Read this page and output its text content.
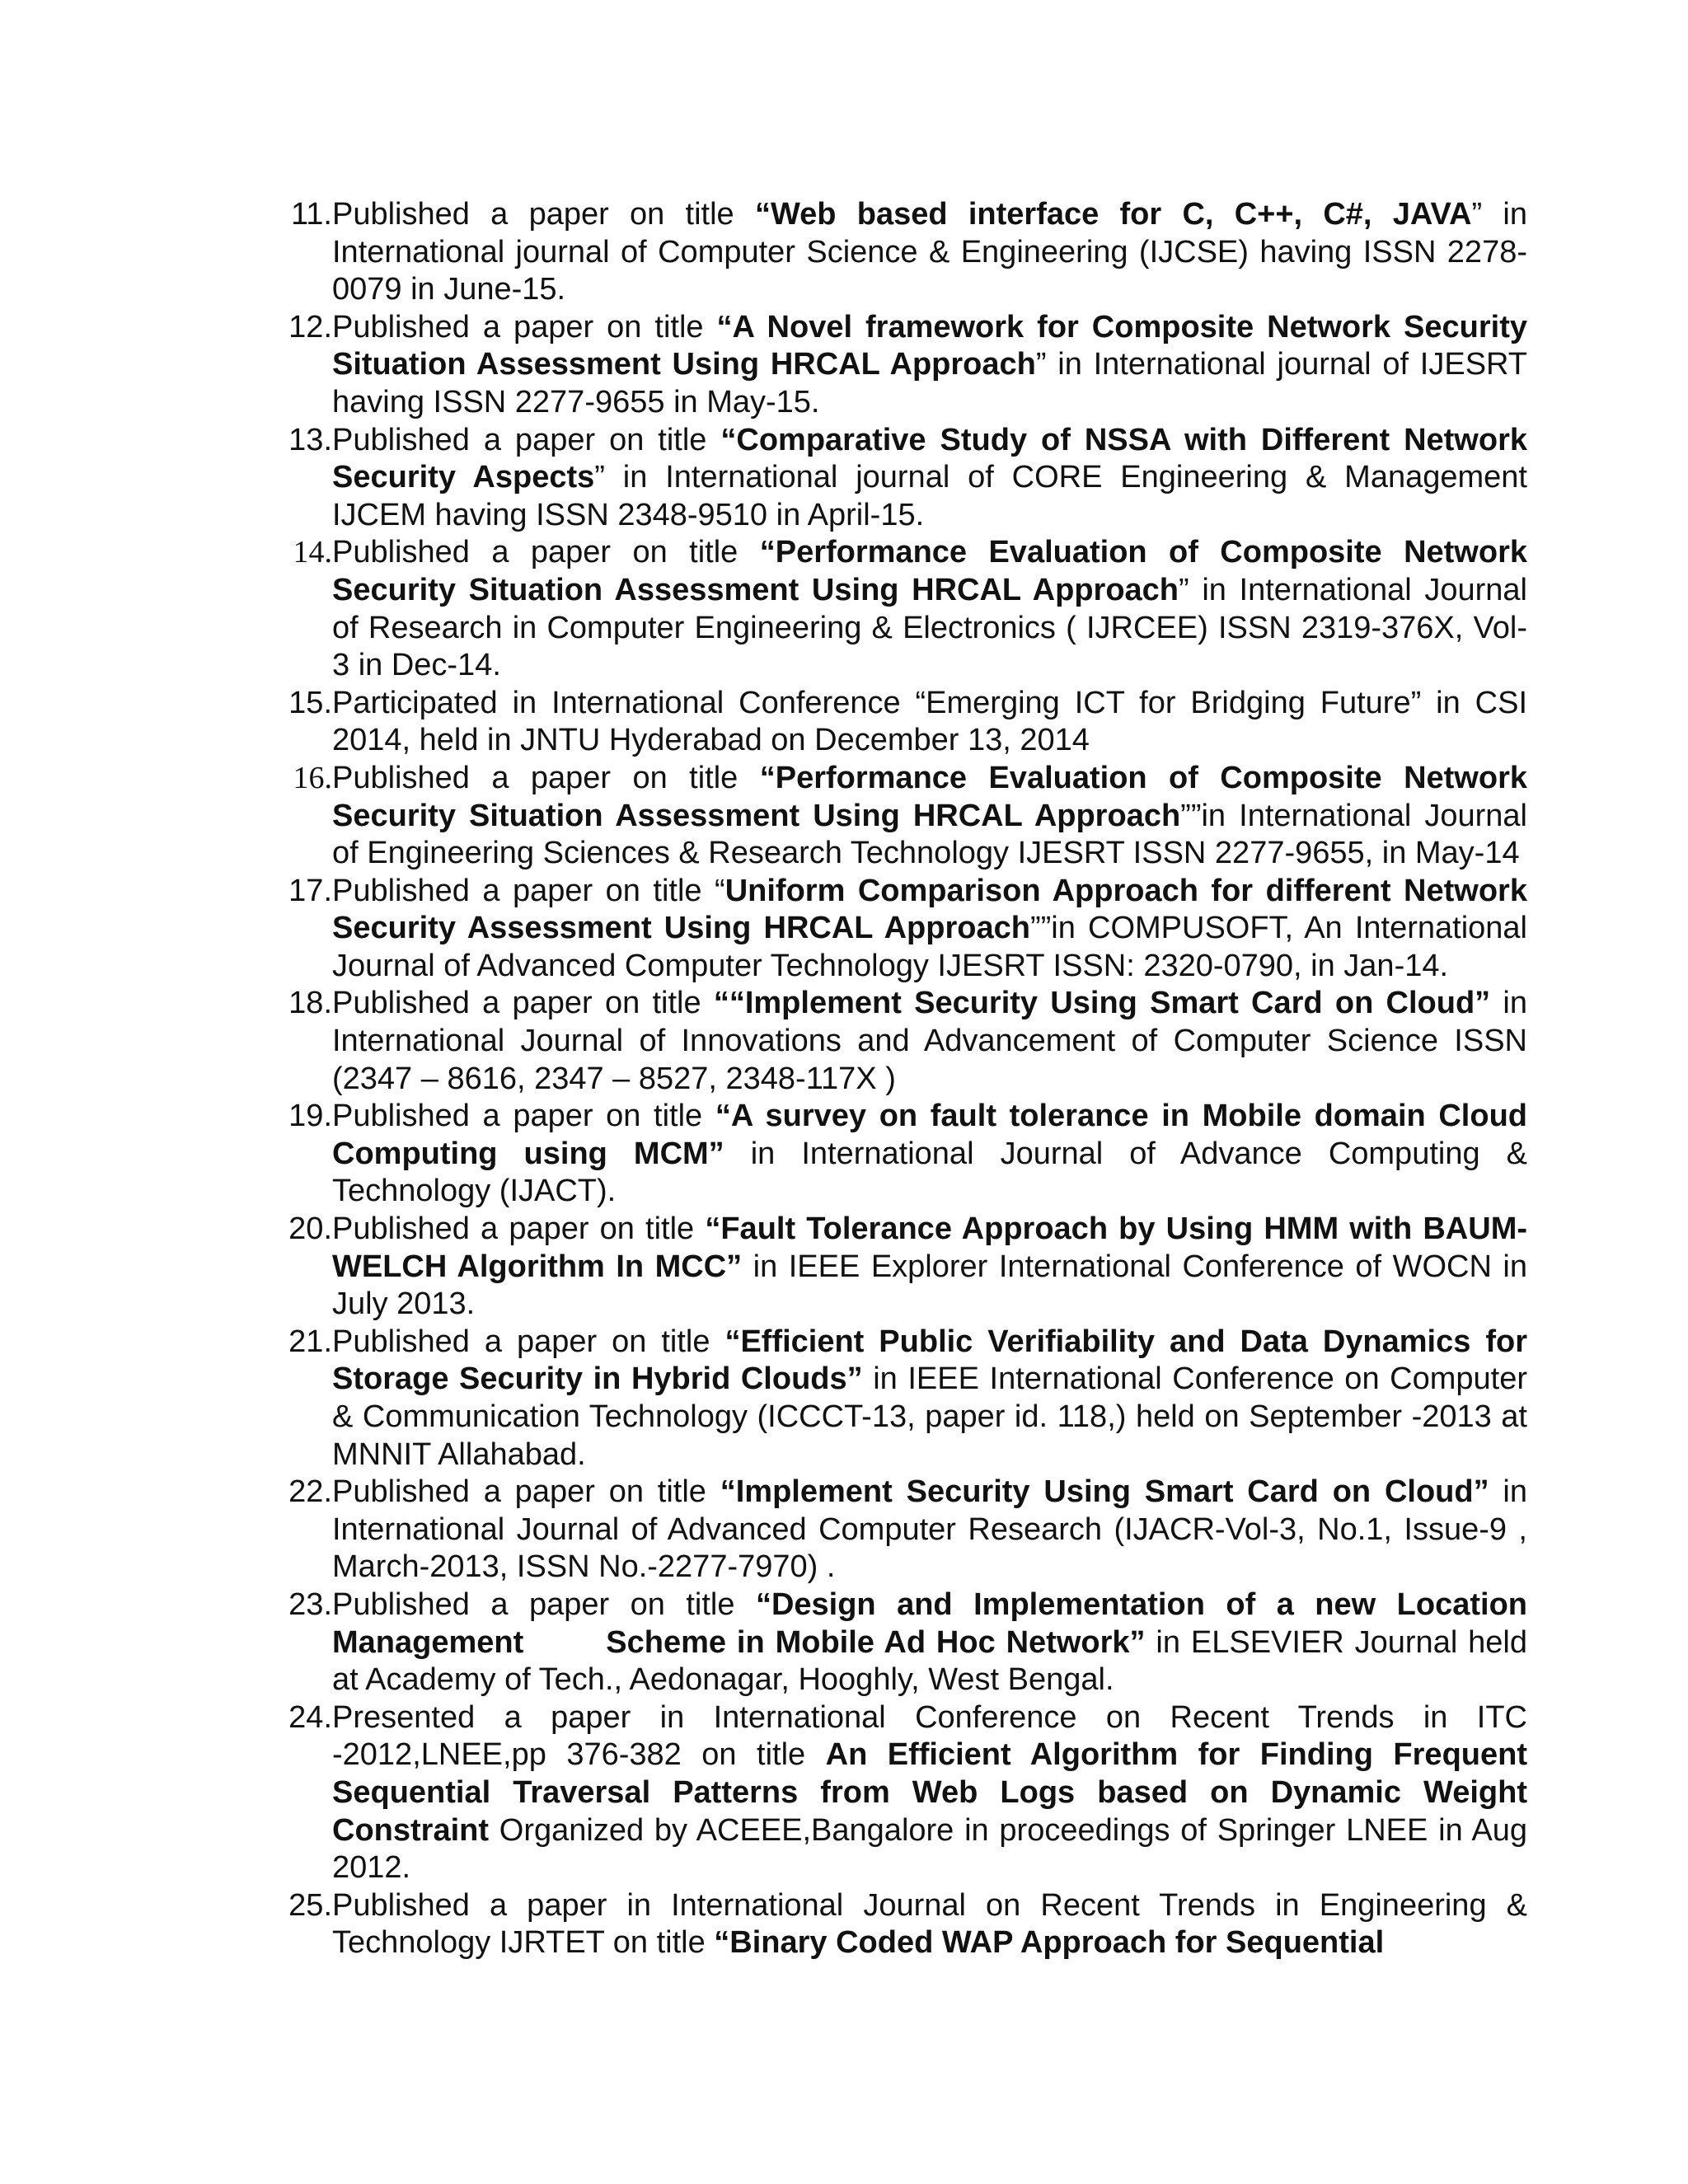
11. Published a paper on title “Web based interface for C, C++, C#, JAVA” in International journal of Computer Science & Engineering (IJCSE) having ISSN 2278-0079 in June-15.
12. Published a paper on title “A Novel framework for Composite Network Security Situation Assessment Using HRCAL Approach” in International journal of IJESRT having ISSN 2277-9655 in May-15.
13. Published a paper on title “Comparative Study of NSSA with Different Network Security Aspects” in International journal of CORE Engineering & Management IJCEM having ISSN 2348-9510 in April-15.
14. Published a paper on title “Performance Evaluation of Composite Network Security Situation Assessment Using HRCAL Approach” in International Journal of Research in Computer Engineering & Electronics ( IJRCEE) ISSN 2319-376X, Vol-3 in Dec-14.
15. Participated in International Conference “Emerging ICT for Bridging Future” in CSI 2014, held in JNTU Hyderabad on December 13, 2014
16. Published a paper on title “Performance Evaluation of Composite Network Security Situation Assessment Using HRCAL Approach””in International Journal of Engineering Sciences & Research Technology IJESRT ISSN 2277-9655, in May-14
17. Published a paper on title “Uniform Comparison Approach for different Network Security Assessment Using HRCAL Approach””in COMPUSOFT, An International Journal of Advanced Computer Technology IJESRT ISSN: 2320-0790, in Jan-14.
18. Published a paper on title ““Implement Security Using Smart Card on Cloud” in International Journal of Innovations and Advancement of Computer Science ISSN (2347 – 8616, 2347 – 8527, 2348-117X )
19. Published a paper on title “A survey on fault tolerance in Mobile domain Cloud Computing using MCM” in International Journal of Advance Computing & Technology (IJACT).
20. Published a paper on title “Fault Tolerance Approach by Using HMM with BAUM-WELCH Algorithm In MCC” in IEEE Explorer International Conference of WOCN in July 2013.
21. Published a paper on title “Efficient Public Verifiability and Data Dynamics for Storage Security in Hybrid Clouds” in IEEE International Conference on Computer & Communication Technology (ICCCT-13, paper id. 118,) held on September -2013 at MNNIT Allahabad.
22. Published a paper on title “Implement Security Using Smart Card on Cloud” in International Journal of Advanced Computer Research (IJACR-Vol-3, No.1, Issue-9 , March-2013, ISSN No.-2277-7970) .
23. Published a paper on title “Design and Implementation of a new Location Management	Scheme in Mobile Ad Hoc Network” in ELSEVIER Journal held at Academy of Tech., Aedonagar, Hooghly, West Bengal.
24. Presented a paper in International Conference on Recent Trends in ITC -2012,LNEE,pp 376-382 on title An Efficient Algorithm for Finding Frequent Sequential Traversal Patterns from Web Logs based on Dynamic Weight Constraint Organized by ACEEE,Bangalore in proceedings of Springer LNEE in Aug 2012.
25. Published a paper in International Journal on Recent Trends in Engineering & Technology IJRTET on title “Binary Coded WAP Approach for Sequential
